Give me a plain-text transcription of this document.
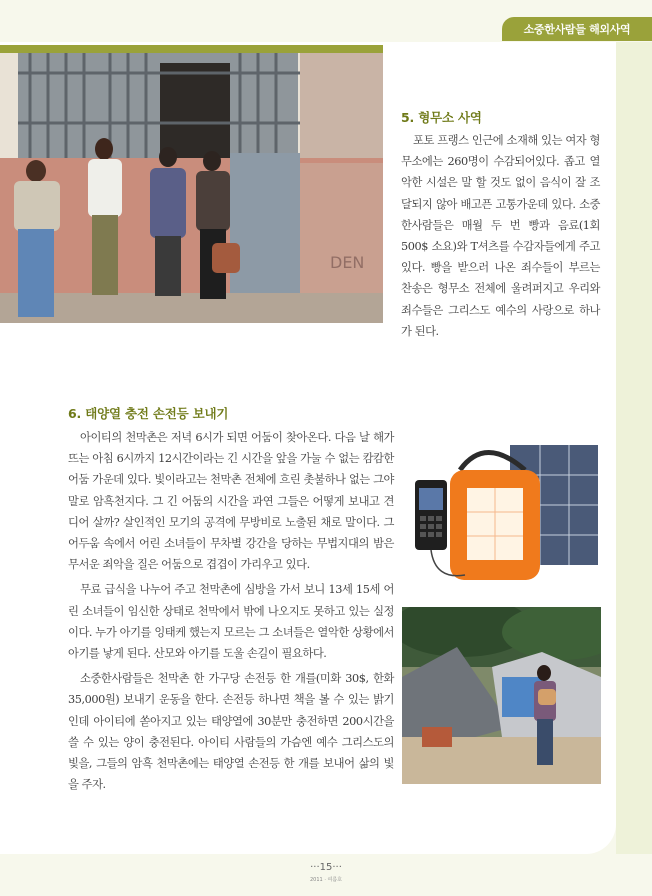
소중한사람들 해외사역
DEN
5. 형무소 사역

포토 프랭스 인근에 소재해 있는 여자 형무소에는 260명이 수감되어있다. 좁고 열악한 시설은 말 할 것도 없이 음식이 잘 조달되지 않아 배고픈 고통가운데 있다. 소중한사람들은 매월 두 번 빵과 음료(1회 500$ 소요)와 T셔츠를 수감자들에게 주고 있다. 빵을 받으러 나온 죄수들이 부르는 찬송은 형무소 전체에 울려퍼지고 우리와 죄수들은 그리스도 예수의 사랑으로 하나가 된다.

6. 태양열 충전 손전등 보내기

아이티의 천막촌은 저녁 6시가 되면 어둠이 찾아온다. 다음 날 해가 뜨는 아침 6시까지 12시간이라는 긴 시간을 앞을 가눌 수 없는 캄캄한 어둠 가운데 있다. 빛이라고는 천막촌 전체에 흐린 촛불하나 없는 그야말로 암흑천지다. 그 긴 어둠의 시간을 과연 그들은 어떻게 보내고 견디어 살까? 살인적인 모기의 공격에 무방비로 노출된 채로 말이다. 그 어두움 속에서 어린 소녀들이 무차별 강간을 당하는 무법지대의 밤은 무서운 죄악을 질은 어둠으로 겹겹이 가리우고 있다.

무료 급식을 나누어 주고 천막촌에 심방을 가서 보니 13세 15세 어린 소녀들이 임신한 상태로 천막에서 밖에 나오지도 못하고 있는 실정이다. 누가 아기를 잉태케 했는지 모르는 그 소녀들은 열악한 상황에서 아기를 낳게 된다. 산모와 아기를 도울 손길이 필요하다.

소중한사람들은 천막촌 한 가구당 손전등 한 개를(미화 30$, 한화 35,000원) 보내기 운동을 한다. 손전등 하나면 책을 볼 수 있는 밝기인데 아이티에 쏟아지고 있는 태양열에 30분만 충전하면 200시간을 쓸 수 있는 양이 충전된다. 아이티 사람들의 가슴엔 예수 그리스도의 빛을, 그들의 암흑 천막촌에는 태양열 손전등 한 개를 보내어 삶의 빛을 주자.

···15···
2011 · 여름호
